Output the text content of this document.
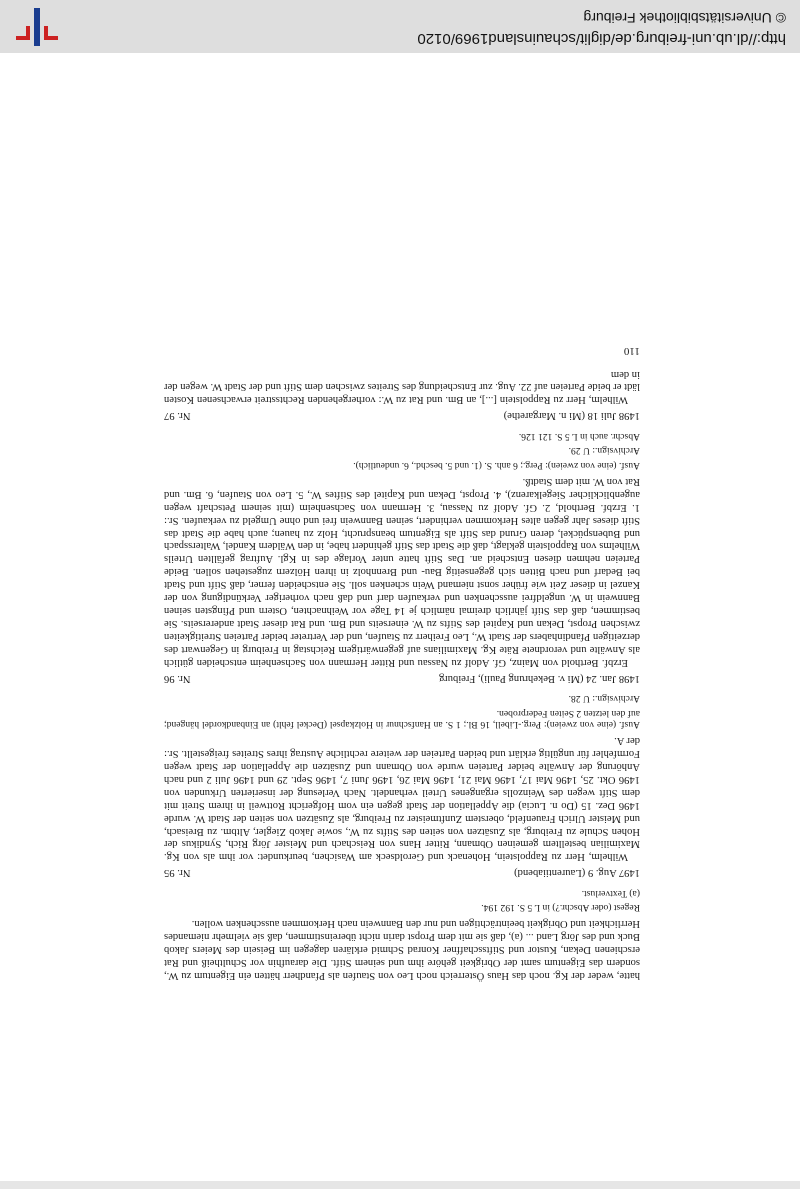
hatte, weder der Kg. noch das Haus Österreich noch Leo von Staufen als Pfandherr hätten ein Eigentum zu W., sondern das Eigentum samt der Obrigkeit gehöre ihm und seinem Stift. Die daraufhin vor Schultheiß und Rat erschienen Dekan, Kustor und Stiftsschaffner Konrad Schmid erklären dagegen im Beisein des Meiers Jakob Buck und des Jörg Land ... (a), daß sie mit dem Propst darin nicht übereinstimmen, daß sie vielmehr niemandes Herrlichkeit und Obrigkeit beeinträchtigen und nur den Bannwein nach Herkommen ausschenken wollen.

Regest (oder Abschr.?) in L 5 S. 192 194.

(a) Textverlust.

1497 Aug. 9 (Laurentiiabend)
Nr. 95

Wilhelm, Herr zu Rappolstein, Hohenack und Geroldseck am Wasichen, beurkundet: vor ihm als von Kg. Maximilian bestelltem gemeinen Obmann, Ritter Hans von Reischach und Meister Jörg Rich, Syndikus der Hohen Schule zu Freiburg, als Zusätzen von seiten des Stifts zu W., sowie Jakob Ziegler, Altbm. zu Breisach, und Meister Ulrich Frauenfeld, oberstem Zunftmeister zu Freiburg, als Zusätzen von seiten der Stadt W. wurde 1496 Dez. 15 (Do n. Lucia) die Appellation der Stadt gegen ein vom Hofgericht Rottweil in ihrem Streit mit dem Stift wegen des Weinzolls ergangenes Urteil verhandelt. Nach Verlesung der inserierten Urkunden von 1496 Okt. 25, 1496 Mai 17, 1496 Mai 21, 1496 Mai 26, 1496 Juni 7, 1496 Sept. 29 und 1496 Juli 2 und nach Anhörung der Anwälte beider Parteien wurde von Obmann und Zusätzen die Appellation der Stadt wegen Formfehler für ungültig erklärt und beiden Parteien der weitere rechtliche Austrag ihres Streites freigestellt. Sr.: der A.

Ausf. (eine von zweien): Perg.-Libell, 16 Bl.; 1 S. an Hanfschnur in Holzkapsel (Deckel fehlt) an Einbandkordel hängend; auf den letzten 2 Seiten Federproben.

Archivsign.: U 28.

1498 Jan. 24 (Mi v. Bekehrung Pauli), Freiburg
Nr. 96

Erzbf. Berthold von Mainz, Gf. Adolf zu Nassau und Ritter Hermann von Sachsenheim entscheiden gütlich als Anwälte und verordnete Räte Kg. Maximilians auf gegenwärtigem Reichstag in Freiburg in Gegenwart des derzeitigen Pfandinhabers der Stadt W., Leo Freiherr zu Staufen, und der Vertreter beider Parteien Streitigkeiten zwischen Propst, Dekan und Kapitel des Stifts zu W. einerseits und Bm. und Rat dieser Stadt andererseits. Sie bestimmen, daß das Stift jährlich dreimal nämlich je 14 Tage vor Weihnachten, Ostern und Pfingsten seinen Bannwein in W. ungeldfrei ausschenken und verkaufen darf und daß nach vorheriger Verkündigung von der Kanzel in dieser Zeit wie früher sonst niemand Wein schenken soll. Sie entscheiden ferner, daß Stift und Stadt bei Bedarf und nach Bitten sich gegenseitig Bau- und Brennholz in ihren Hölzern zugestehen sollen. Beide Parteien nehmen diesen Entscheid an. Das Stift hatte unter Vorlage des in Kgl. Auftrag gefällten Urteils Wilhelms von Rappolstein geklagt, daß die Stadt das Stift gehindert habe, in den Wäldern Kandel, Waltersspach und Bubenspückel, deren Grund das Stift als Eigentum beansprucht, Holz zu hauen; auch habe die Stadt das Stift dieses Jahr gegen altes Herkommen verhindert, seinen Bannwein frei und ohne Umgeld zu verkaufen. Sr.: 1. Erzbf. Berthold, 2. Gf. Adolf zu Nassau, 3. Hermann von Sachsenheim (mit seinem Petschaft wegen augenblicklicher Siegelkarenz), 4. Propst, Dekan und Kapitel des Stiftes W., 5. Leo von Staufen, 6. Bm. und Rat von W. mit dem Stadtß.

Ausf. (eine von zweien): Perg.; 6 anh. S. (1. und 5. beschd., 6. undeutlich).

Archivsign.: U 29.

Abschr. auch in L 5 S. 121 126.

1498 Juli 18 (Mi n. Margarethe)
Nr. 97

Wilhelm, Herr zu Rappolstein [...], an Bm. und Rat zu W.: vorhergehenden Rechtsstreit erwachsenen Kosten lädt er beide Parteien auf 22. Aug. zur Entscheidung des Streites zwischen dem Stift und der Stadt W. wegen der in dem

110
http://dl.ub.uni-freiburg.de/diglit/schauinsland1969/0120
© Universitätsbibliothek Freiburg
